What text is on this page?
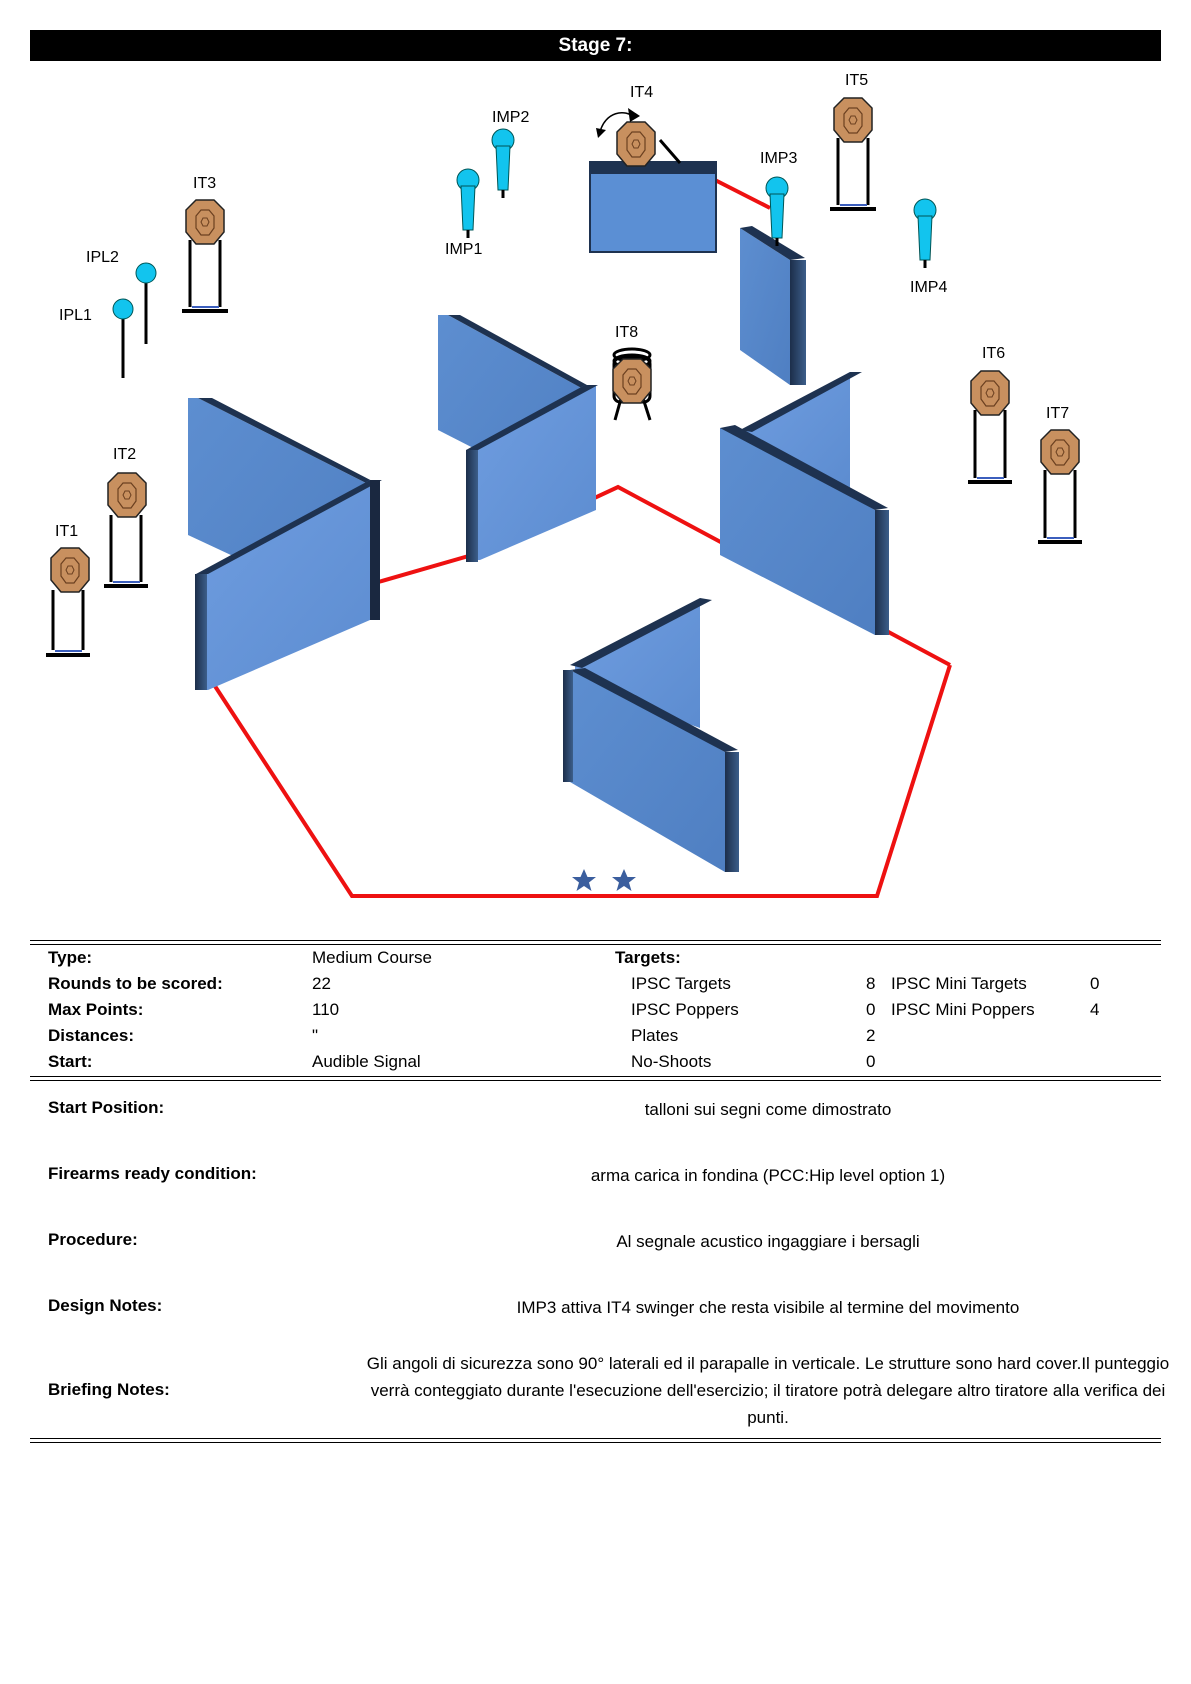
Stage 7:
IT1
IT2
IT3
IT4
IT5
IT6
IT7
IT8
IMP1
IMP2
IMP3
IMP4
IPL1
IPL2
Type:	Medium Course	Targets:
Rounds to be scored:	22	IPSC Targets	8 IPSC Mini Targets	0
Max Points:	110	IPSC Poppers	0 IPSC Mini Poppers	4
Distances:	"	Plates	2
Start:	Audible Signal	No-Shoots	0
Start Position:	talloni sui segni come dimostrato
Firearms ready condition:	arma carica in fondina (PCC:Hip level option 1)
Procedure:	Al segnale acustico ingaggiare i bersagli
Design Notes:	IMP3 attiva IT4 swinger che resta visibile al termine del movimento
Briefing Notes:
Gli angoli di sicurezza sono 90° laterali ed il parapalle in verticale. Le strutture sono hard cover.Il punteggio verrà conteggiato durante l'esecuzione dell'esercizio; il tiratore potrà delegare altro tiratore alla verifica dei punti.
